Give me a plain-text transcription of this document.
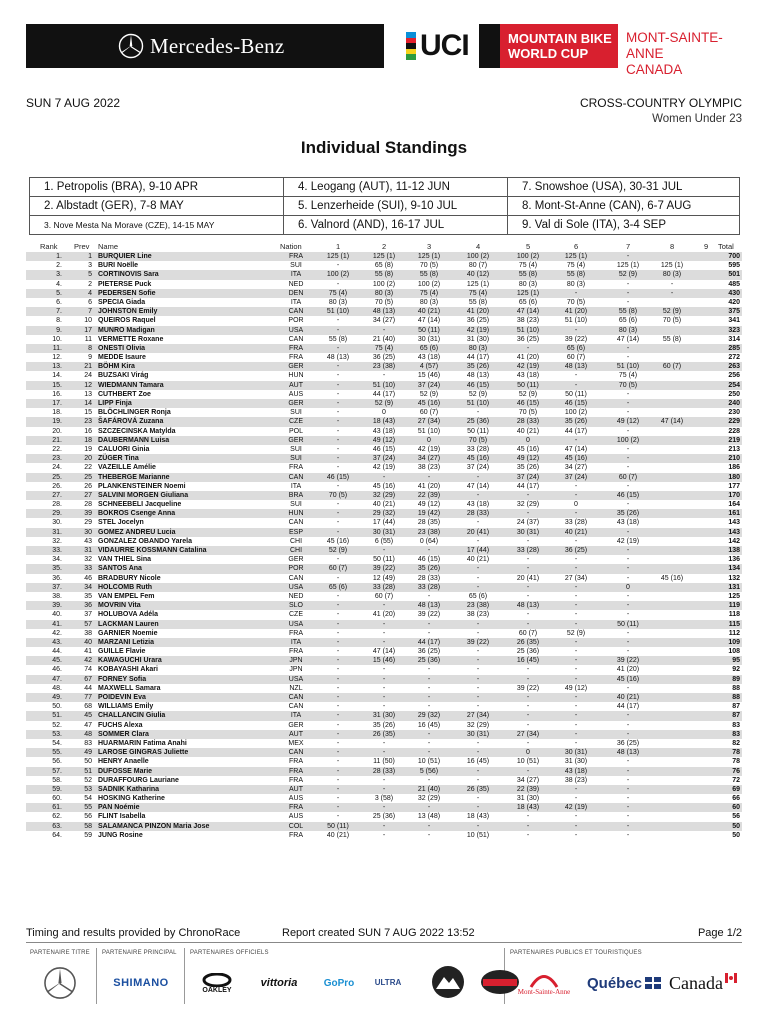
Mercedes-Benz	UCI	MOUNTAIN BIKE
WORLD CUP
MONT-SAINTE-ANNE
CANADA
SUN 7 AUG 2022	CROSS-COUNTRY OLYMPIC
Women Under 23
Individual Standings
1. Petropolis (BRA), 9-10 APR	4. Leogang (AUT), 11-12 JUN	7. Snowshoe (USA), 30-31 JUL
2. Albstadt (GER), 7-8 MAY	5. Lenzerheide (SUI), 9-10 JUL	8. Mont-St-Anne (CAN), 6-7 AUG
3. Nove Mesta Na Morave (CZE), 14-15 MAY	6. Valnord (AND), 16-17 JUL	9. Val di Sole (ITA), 3-4 SEP
Rank Prev Name	Nation	Total
1	2	3	4	5	6	7	8	9
1.	1 BURQUIER Line	FRA	125 (1)	125 (1)	125 (1)	100 (2)	100 (2)	125 (1)	-	700
2.	3 BURI Noëlle	SUI	-	65 (8)	70 (5)	80 (7)	75 (4)	75 (4)	125 (1)	125 (1)	595
3.	5 CORTINOVIS Sara	ITA	100 (2)	55 (8)	55 (8)	40 (12)	55 (8)	55 (8)	52 (9)	80 (3)	501
4.	2 PIETERSE Puck	NED	-	100 (2)	100 (2)	125 (1)	80 (3)	80 (3)	-	-	485
5.	4 PEDERSEN Sofie	DEN	75 (4)	80 (3)	75 (4)	75 (4)	125 (1)	-	-	-	430
6.	6 SPECIA Giada	ITA	80 (3)	70 (5)	80 (3)	55 (8)	65 (6)	70 (5)	-	420
7.	7 JOHNSTON Emily	CAN	51 (10)	48 (13)	40 (21)	41 (20)	47 (14)	41 (20)	55 (8)	52 (9)	375
8.	10 QUEIROS Raquel	POR	-	34 (27)	47 (14)	36 (25)	38 (23)	51 (10)	65 (6)	70 (5)	341
9.	17 MUNRO Madigan	USA	-	-	50 (11)	42 (19)	51 (10)	-	80 (3)	323
10.	11 VERMETTE Roxane	CAN	55 (8)	21 (40)	30 (31)	31 (30)	36 (25)	39 (22)	47 (14)	55 (8)	314
11.	8 ONESTI Olivia	FRA	-	75 (4)	65 (6)	80 (3)	-	65 (6)	-	285
12.	9 MEDDE Isaure	FRA	48 (13)	36 (25)	43 (18)	44 (17)	41 (20)	60 (7)	-	272
13.	21 BÖHM Kira	GER	-	23 (38)	4 (57)	35 (26)	42 (19)	48 (13)	51 (10)	60 (7)	263
14.	24 BUZSAKI Virág	HUN	-	-	15 (46)	48 (13)	43 (18)	-	75 (4)	256
15.	12 WIEDMANN Tamara	AUT	-	51 (10)	37 (24)	46 (15)	50 (11)	-	70 (5)	254
16.	13 CUTHBERT Zoe	AUS	-	44 (17)	52 (9)	52 (9)	52 (9)	50 (11)	-	250
17.	14 LIPP Finja	GER	-	52 (9)	45 (16)	51 (10)	46 (15)	46 (15)	-	240
18.	15 BLÖCHLINGER Ronja	SUI	-	0	60 (7)	-	70 (5)	100 (2)	-	230
19.	23 ŠAFÁROVÁ Zuzana	CZE	-	18 (43)	27 (34)	25 (36)	28 (33)	35 (26)	49 (12)	47 (14)	229
20.	16 SZCZECINSKA Matylda	POL	-	43 (18)	51 (10)	50 (11)	40 (21)	44 (17)	-	228
21.	18 DAUBERMANN Luisa	GER	-	49 (12)	0	70 (5)	0	-	100 (2)	219
22.	19 CALUORI Ginia	SUI	-	46 (15)	42 (19)	33 (28)	45 (16)	47 (14)	-	213
23.	20 ZÜGER Tina	SUI	-	37 (24)	34 (27)	45 (16)	49 (12)	45 (16)	-	210
24.	22 VAZEILLE Amélie	FRA	-	42 (19)	38 (23)	37 (24)	35 (26)	34 (27)	-	186
25.	25 THEBERGE Marianne	CAN	46 (15)	-	-	-	37 (24)	37 (24)	60 (7)	180
26.	26 PLANKENSTEINER Noemi	ITA	-	45 (16)	41 (20)	47 (14)	44 (17)	-	-	177
27.	27 SALVINI MORGEN Giuliana	BRA	70 (5)	32 (29)	22 (39)	-	-	-	46 (15)	170
28.	28 SCHNEEBELI Jacqueline	SUI	-	40 (21)	49 (12)	43 (18)	32 (29)	0	-	164
29.	39 BOKROS Csenge Anna	HUN	-	29 (32)	19 (42)	28 (33)	-	-	35 (26)	161
30.	29 STEL Jocelyn	CAN	-	17 (44)	28 (35)	-	24 (37)	33 (28)	43 (18)	143
31.	30 GOMEZ ANDREU Lucia	ESP	-	30 (31)	23 (38)	20 (41)	30 (31)	40 (21)	-	143
32.	43 GONZALEZ OBANDO Yarela	CHI	45 (16)	6 (55)	0 (64)	-	-	-	42 (19)	142
33.	31 VIDAURRE KOSSMANN Catalina	CHI	52 (9)	-	-	17 (44)	33 (28)	36 (25)	-	138
34.	32 VAN THIEL Sina	GER	-	50 (11)	46 (15)	40 (21)	-	-	-	136
35.	33 SANTOS Ana	POR	60 (7)	39 (22)	35 (26)	-	-	-	-	134
36.	46 BRADBURY Nicole	CAN	-	12 (49)	28 (33)	-	20 (41)	27 (34)	-	45 (16)	132
37.	34 HOLCOMB Ruth	USA	65 (6)	33 (28)	33 (28)	-	-	-	0	131
38.	35 VAN EMPEL Fem	NED	-	60 (7)	-	65 (6)	-	-	-	125
39.	36 MOVRIN Vita	SLO	-	-	48 (13)	23 (38)	48 (13)	-	-	119
40.	37 HOLUBOVA Adéla	CZE	-	41 (20)	39 (22)	38 (23)	-	-	-	118
41.	57 LACKMAN Lauren	USA	-	-	-	-	-	-	50 (11)	115
42.	38 GARNIER Noemie	FRA	-	-	-	-	60 (7)	52 (9)	-	112
43.	40 MARZANI Letizia	ITA	-	-	44 (17)	39 (22)	26 (35)	-	-	109
44.	41 GUILLE Flavie	FRA	-	47 (14)	36 (25)	-	25 (36)	-	-	108
45.	42 KAWAGUCHI Urara	JPN	-	15 (46)	25 (36)	-	16 (45)	-	39 (22)	95
46.	74 KOBAYASHI Akari	JPN	-	-	-	-	-	-	41 (20)	92
47.	67 FORNEY Sofia	USA	-	-	-	-	-	-	45 (16)	89
48.	44 MAXWELL Samara	NZL	-	-	-	-	39 (22)	49 (12)	-	88
49.	77 POIDEVIN Eva	CAN	-	-	-	-	-	-	40 (21)	88
50.	68 WILLIAMS Emily	CAN	-	-	-	-	-	-	44 (17)	87
51.	45 CHALLANCIN Giulia	ITA	-	31 (30)	29 (32)	27 (34)	-	-	-	87
52.	47 FUCHS Alexa	GER	-	35 (26)	16 (45)	32 (29)	-	-	-	83
53.	48 SOMMER Clara	AUT	-	26 (35)	-	30 (31)	27 (34)	-	-	83
54.	83 HUARMARIN Fatima Anahi	MEX	-	-	-	-	-	-	36 (25)	82
55.	49 LAROSE GINGRAS Juliette	CAN	-	-	-	-	0	30 (31)	48 (13)	78
56.	50 HENRY Anaelle	FRA	-	11 (50)	10 (51)	16 (45)	10 (51)	31 (30)	-	78
57.	51 DUFOSSE Marie	FRA	-	28 (33)	5 (56)	-	-	43 (18)	-	76
58.	52 DURAFFOURG Lauriane	FRA	-	-	-	-	34 (27)	38 (23)	-	72
59.	53 SADNIK Katharina	AUT	-	-	21 (40)	26 (35)	22 (39)	-	-	69
60.	54 HOSKING Katherine	AUS	-	3 (58)	32 (29)	-	31 (30)	-	-	66
61.	55 PAN Noémie	FRA	-	-	-	-	18 (43)	42 (19)	-	60
62.	56 FLINT Isabella	AUS	-	25 (36)	13 (48)	18 (43)	-	-	-	56
63.	58 SALAMANCA PINZON Maria Jose	COL	50 (11)	-	-	-	-	-	-	50
64.	59 JUNG Rosine	FRA	40 (21)	-	-	10 (51)	-	-	-	50
Timing and results provided by ChronoRace	Report created SUN 7 AUG 2022 13:52	Page 1/2
PARTENAIRE TITRE PARTENAIRE PRINCIPAL PARTENAIRES OFFICIELS	PARTENAIRES PUBLICS ET TOURISTIQUES
SHIMANO
OAKLEY
vittoria	GoPro	ULTRA
Mont-Sainte-Anne
Québec Canada
